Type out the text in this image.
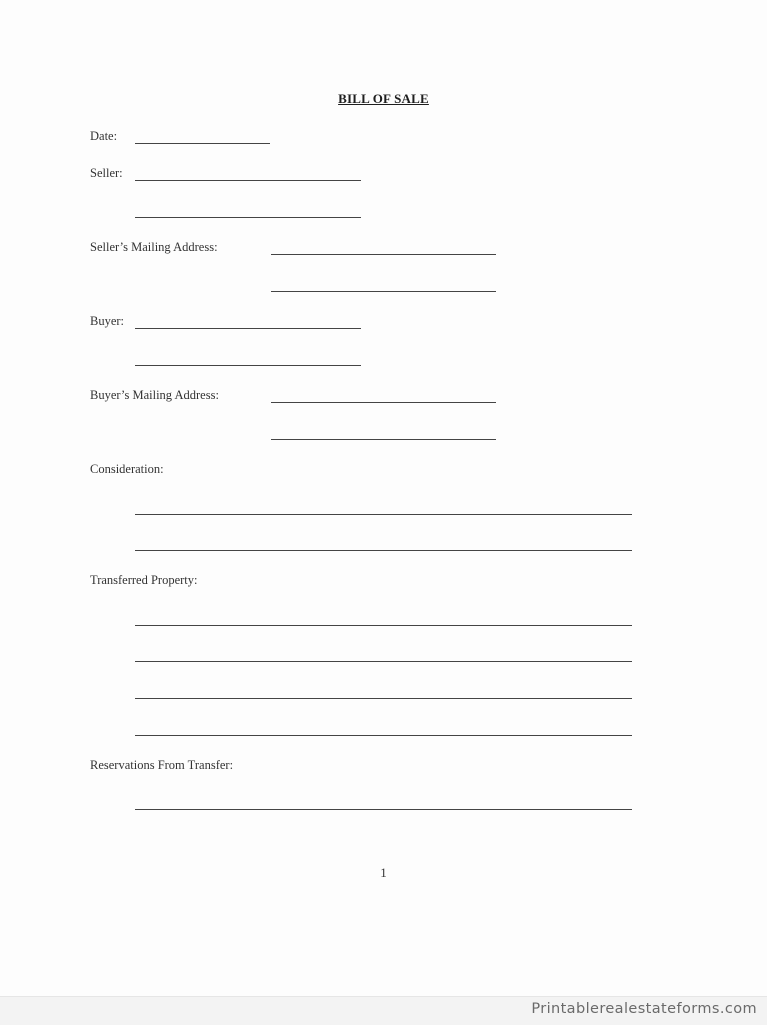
BILL OF SALE
Date:
Seller:
Seller’s Mailing Address:
Buyer:
Buyer’s Mailing Address:
Consideration:
Transferred Property:
Reservations From Transfer:
1
Printablerealestateforms.com
